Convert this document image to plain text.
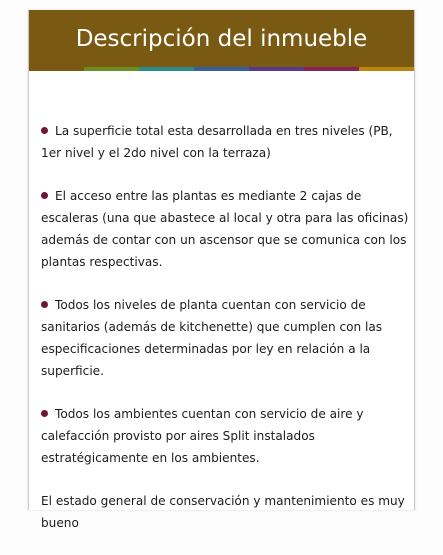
Descripción del inmueble

La superficie total esta desarrollada en tres niveles (PB, 1er nivel y el 2do nivel con la terraza)

El acceso entre las plantas es mediante 2 cajas de escaleras (una que abastece al local y otra para las oficinas) además de contar con un ascensor que se comunica con los plantas respectivas.

Todos los niveles de planta cuentan con servicio de sanitarios (además de kitchenette) que cumplen con las especificaciones determinadas por ley en relación a la superficie.

Todos los ambientes cuentan con servicio de aire y calefacción provisto por aires Split instalados estratégicamente en los ambientes.

El estado general de conservación y mantenimiento es muy bueno
